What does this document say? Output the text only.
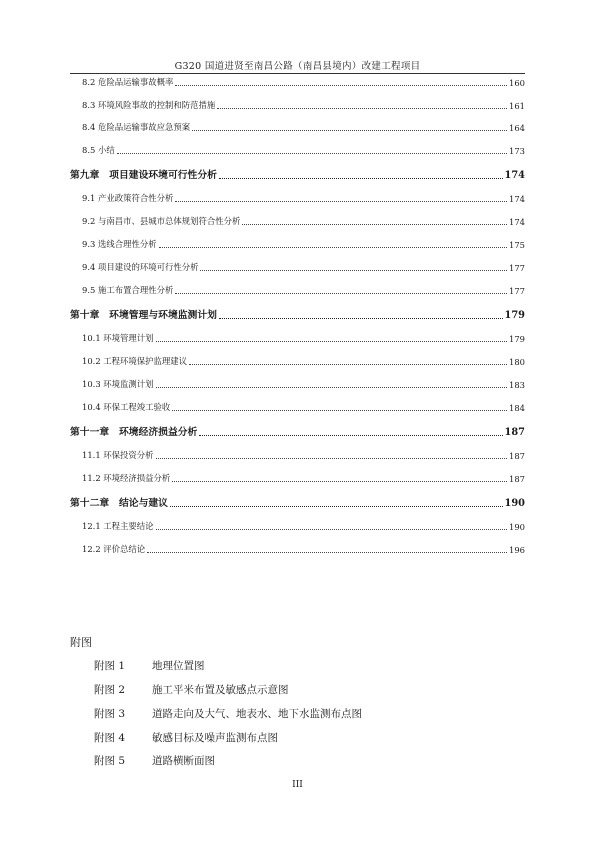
G320 国道进贤至南昌公路（南昌县境内）改建工程项目
8.2 危险品运输事故概率	160
8.3 环境风险事故的控制和防范措施	161
8.4 危险品运输事故应急预案	164
8.5 小结	173
第九章　项目建设环境可行性分析	174
9.1 产业政策符合性分析	174
9.2 与南昌市、县城市总体规划符合性分析	174
9.3 选线合理性分析	175
9.4 项目建设的环境可行性分析	177
9.5 施工布置合理性分析	177
第十章　环境管理与环境监测计划	179
10.1 环境管理计划	179
10.2 工程环境保护监理建议	180
10.3 环境监测计划	183
10.4 环保工程竣工验收	184
第十一章　环境经济损益分析	187
11.1 环保投资分析	187
11.2 环境经济损益分析	187
第十二章　结论与建议	190
12.1 工程主要结论	190
12.2 评价总结论	196
附图
附图 1	地理位置图
附图 2	施工平米布置及敏感点示意图
附图 3	道路走向及大气、地表水、地下水监测布点图
附图 4	敏感目标及噪声监测布点图
附图 5	道路横断面图
III
